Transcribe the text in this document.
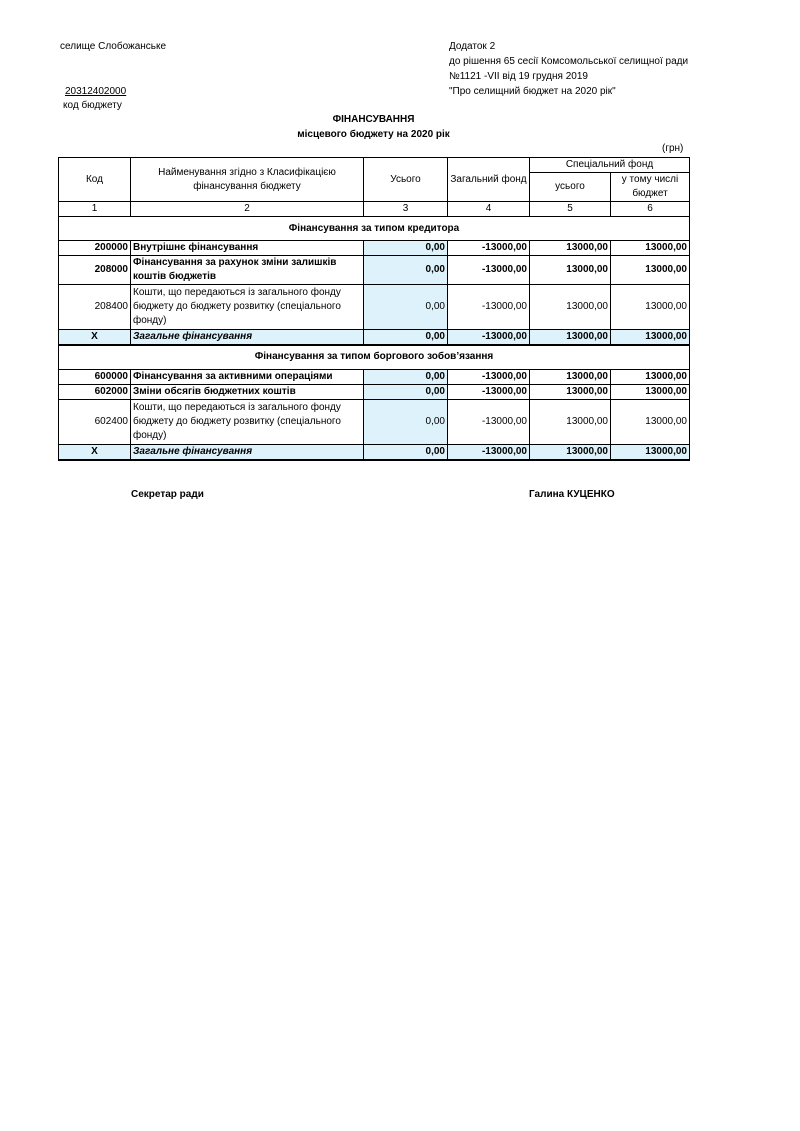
селище Слобожанське	Додаток 2
до рішення 65 сесії Комсомольської селищної ради
№1121 -VІІ від 19 грудня 2019
"Про селищний бюджет на 2020 рік"
20312402000
код бюджету
ФІНАНСУВАННЯ
місцевого бюджету на 2020 рік
(грн)
Код	Найменування згідно з Класифікацією фінансування бюджету	Усього	Загальний фонд	Спеціальний фонд	
				усього	у тому числі бюджет
1	2	3	4	5	6
Фінансування за типом кредитора					
200000	Внутрішнє фінансування	0,00	-13000,00	13000,00	13000,00
208000	Фінансування за рахунок зміни залишків коштів бюджетів	0,00	-13000,00	13000,00	13000,00
208400	Кошти, що передаються із загального фонду бюджету до бюджету розвитку (спеціального фонду)	0,00	-13000,00	13000,00	13000,00
Х	Загальне фінансування	0,00	-13000,00	13000,00	13000,00
Фінансування за типом боргового зобов’язання					
600000	Фінансування за активними операціями	0,00	-13000,00	13000,00	13000,00
602000	Зміни обсягів бюджетних коштів	0,00	-13000,00	13000,00	13000,00
602400	Кошти, що передаються із загального фонду бюджету до бюджету розвитку (спеціального фонду)	0,00	-13000,00	13000,00	13000,00
Х	Загальне фінансування	0,00	-13000,00	13000,00	13000,00
Секретар ради	Галина КУЦЕНКО
